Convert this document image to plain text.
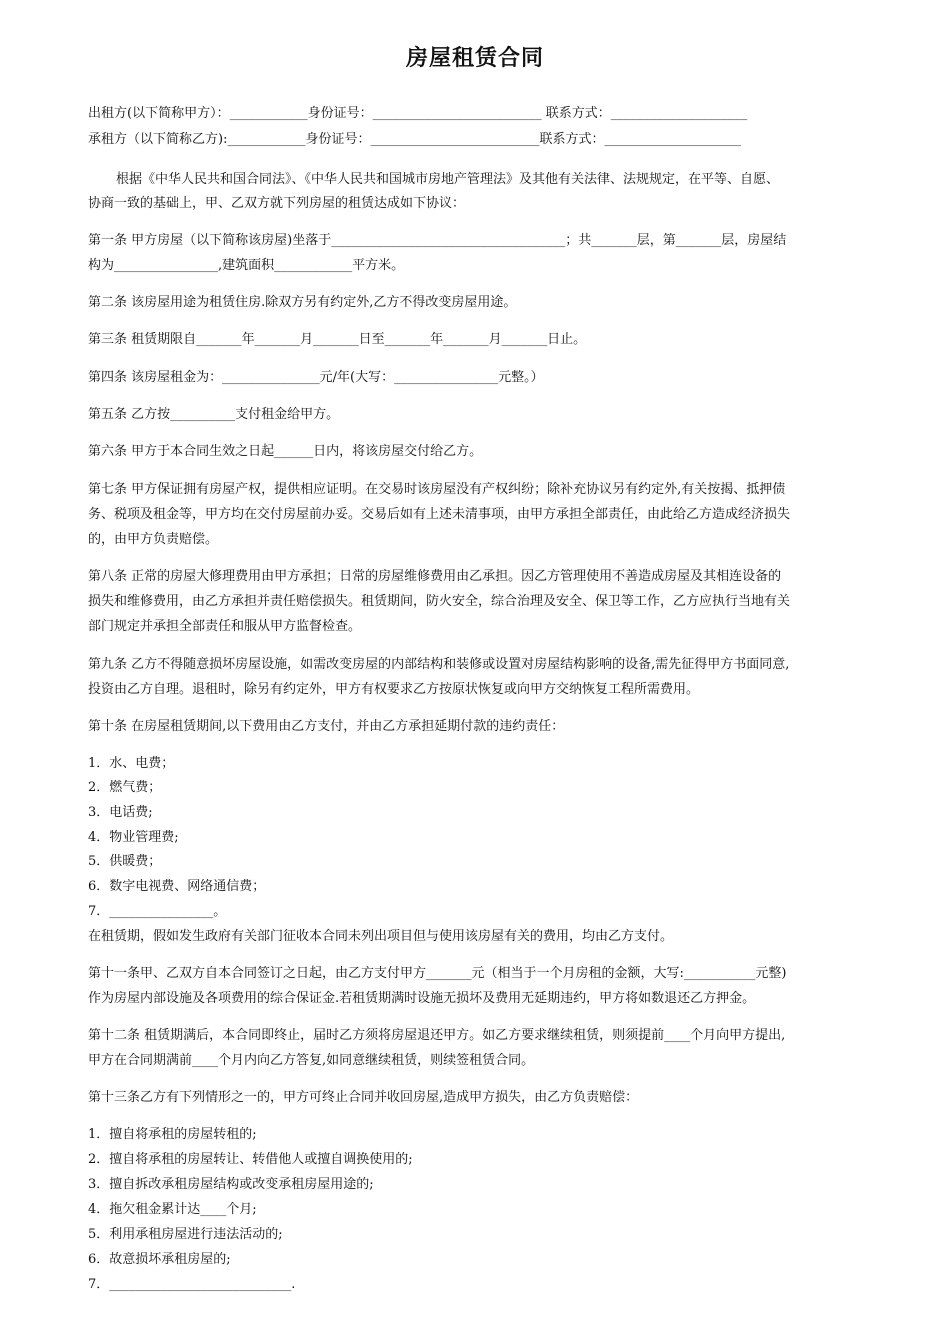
房屋租赁合同
出租方(以下简称甲方）：____________身份证号：__________________________ 联系方式：_____________________
承租方（以下简称乙方):____________身份证号：__________________________联系方式：_____________________
根据《中华人民共和国合同法》、《中华人民共和国城市房地产管理法》及其他有关法律、法规规定，在平等、自愿、
协商一致的基础上，甲、乙双方就下列房屋的租赁达成如下协议：
第一条 甲方房屋（以下简称该房屋)坐落于____________________________________；共_______层，第_______层，房屋结
构为________________,建筑面积____________平方米。
第二条 该房屋用途为租赁住房.除双方另有约定外,乙方不得改变房屋用途。
第三条 租赁期限自_______年_______月_______日至_______年_______月_______日止。
第四条 该房屋租金为：_______________元/年(大写：________________元整。）
第五条 乙方按__________支付租金给甲方。
第六条 甲方于本合同生效之日起______日内，将该房屋交付给乙方。
第七条 甲方保证拥有房屋产权，提供相应证明。在交易时该房屋没有产权纠纷；除补充协议另有约定外,有关按揭、抵押债
务、税项及租金等，甲方均在交付房屋前办妥。交易后如有上述未清事项，由甲方承担全部责任，由此给乙方造成经济损失
的，由甲方负责赔偿。
第八条 正常的房屋大修理费用由甲方承担；日常的房屋维修费用由乙承担。因乙方管理使用不善造成房屋及其相连设备的
损失和维修费用，由乙方承担并责任赔偿损失。租赁期间，防火安全，综合治理及安全、保卫等工作，乙方应执行当地有关
部门规定并承担全部责任和服从甲方监督检查。
第九条 乙方不得随意损坏房屋设施，如需改变房屋的内部结构和装修或设置对房屋结构影响的设备,需先征得甲方书面同意,
投资由乙方自理。退租时，除另有约定外，甲方有权要求乙方按原状恢复或向甲方交纳恢复工程所需费用。
第十条 在房屋租赁期间,以下费用由乙方支付，并由乙方承担延期付款的违约责任：
1．水、电费；
2．燃气费；
3．电话费;
4．物业管理费;
5．供暖费；
6．数字电视费、网络通信费；
7．________________。
在租赁期，假如发生政府有关部门征收本合同未列出项目但与使用该房屋有关的费用，均由乙方支付。
第十一条甲、乙双方自本合同签订之日起，由乙方支付甲方_______元（相当于一个月房租的金额，大写:___________元整)
作为房屋内部设施及各项费用的综合保证金.若租赁期满时设施无损坏及费用无延期违约，甲方将如数退还乙方押金。
第十二条 租赁期满后，本合同即终止，届时乙方须将房屋退还甲方。如乙方要求继续租赁，则须提前____个月向甲方提出,
甲方在合同期满前____个月内向乙方答复,如同意继续租赁，则续签租赁合同。
第十三条乙方有下列情形之一的，甲方可终止合同并收回房屋,造成甲方损失，由乙方负责赔偿：
1．擅自将承租的房屋转租的;
2．擅自将承租的房屋转让、转借他人或擅自调换使用的;
3．擅自拆改承租房屋结构或改变承租房屋用途的;
4．拖欠租金累计达____个月;
5．利用承租房屋进行违法活动的;
6．故意损坏承租房屋的;
7．____________________________.
